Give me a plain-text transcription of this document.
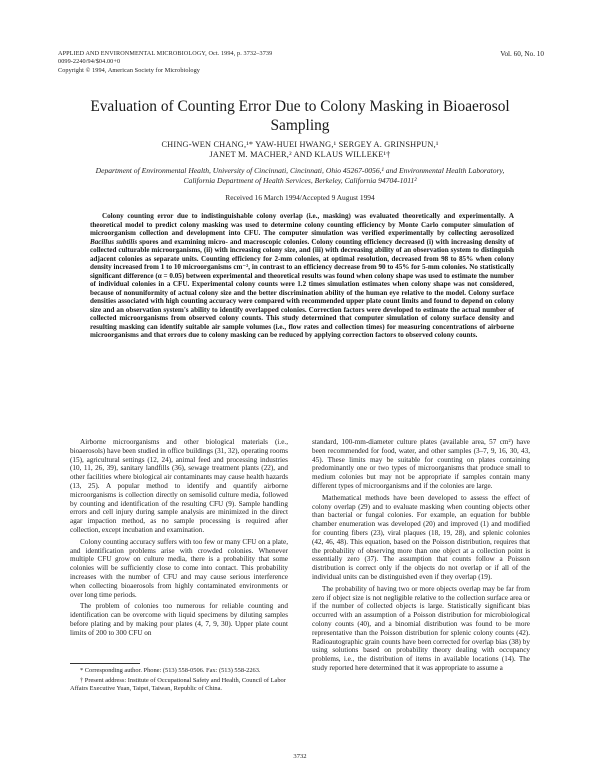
APPLIED AND ENVIRONMENTAL MICROBIOLOGY, Oct. 1994, p. 3732–3739
0099-2240/94/$04.00+0
Copyright © 1994, American Society for Microbiology
Vol. 60, No. 10
Evaluation of Counting Error Due to Colony Masking in Bioaerosol Sampling
CHING-WEN CHANG,¹* YAW-HUEI HWANG,¹ SERGEY A. GRINSHPUN,¹
JANET M. MACHER,² AND KLAUS WILLEKE¹†
Department of Environmental Health, University of Cincinnati, Cincinnati, Ohio 45267-0056,¹ and Environmental Health Laboratory, California Department of Health Services, Berkeley, California 94704-1011²
Received 16 March 1994/Accepted 9 August 1994
Colony counting error due to indistinguishable colony overlap (i.e., masking) was evaluated theoretically and experimentally. A theoretical model to predict colony masking was used to determine colony counting efficiency by Monte Carlo computer simulation of microorganism collection and development into CFU. The computer simulation was verified experimentally by collecting aerosolized Bacillus subtilis spores and examining micro- and macroscopic colonies. Colony counting efficiency decreased (i) with increasing density of collected culturable microorganisms, (ii) with increasing colony size, and (iii) with decreasing ability of an observation system to distinguish adjacent colonies as separate units. Counting efficiency for 2-mm colonies, at optimal resolution, decreased from 98 to 85% when colony density increased from 1 to 10 microorganisms cm⁻², in contrast to an efficiency decrease from 90 to 45% for 5-mm colonies. No statistically significant difference (α = 0.05) between experimental and theoretical results was found when colony shape was used to estimate the number of individual colonies in a CFU. Experimental colony counts were 1.2 times simulation estimates when colony shape was not considered, because of nonuniformity of actual colony size and the better discrimination ability of the human eye relative to the model. Colony surface densities associated with high counting accuracy were compared with recommended upper plate count limits and found to depend on colony size and an observation system's ability to identify overlapped colonies. Correction factors were developed to estimate the actual number of collected microorganisms from observed colony counts. This study determined that computer simulation of colony surface density and resulting masking can identify suitable air sample volumes (i.e., flow rates and collection times) for measuring concentrations of airborne microorganisms and that errors due to colony masking can be reduced by applying correction factors to observed colony counts.

Airborne microorganisms and other biological materials (i.e., bioaerosols) have been studied in office buildings (31, 32), operating rooms (15), agricultural settings (12, 24), animal feed and processing industries (10, 11, 26, 39), sanitary landfills (36), sewage treatment plants (22), and other facilities where biological air contaminants may cause health hazards (13, 25). A popular method to identify and quantify airborne microorganisms is collection directly on semisolid culture media, followed by counting and identification of the resulting CFU (9). Sample handling errors and cell injury during sample analysis are minimized in the direct agar impaction method, as no sample processing is required after collection, except incubation and examination.

Colony counting accuracy suffers with too few or many CFU on a plate, and identification problems arise with crowded colonies. Whenever multiple CFU grow on culture media, there is a probability that some colonies will be sufficiently close to come into contact. This probability increases with the number of CFU and may cause serious interference when collecting bioaerosols from highly contaminated environments or over long time periods.

The problem of colonies too numerous for reliable counting and identification can be overcome with liquid specimens by diluting samples before plating and by making pour plates (4, 7, 9, 30). Upper plate count limits of 200 to 300 CFU on

standard, 100-mm-diameter culture plates (available area, 57 cm²) have been recommended for food, water, and other samples (3–7, 9, 16, 30, 43, 45). These limits may be suitable for counting on plates containing predominantly one or two types of microorganisms that produce small to medium colonies but may not be appropriate if samples contain many different types of microorganisms and if the colonies are large.

Mathematical methods have been developed to assess the effect of colony overlap (29) and to evaluate masking when counting objects other than bacterial or fungal colonies. For example, an equation for bubble chamber enumeration was developed (20) and improved (1) and modified for counting fibers (23), viral plaques (18, 19, 28), and splenic colonies (42, 46, 48). This equation, based on the Poisson distribution, requires that the probability of observing more than one object at a collection point is essentially zero (37). The assumption that counts follow a Poisson distribution is correct only if the objects do not overlap or if all of the individual units can be distinguished even if they overlap (19).

The probability of having two or more objects overlap may be far from zero if object size is not negligible relative to the collection surface area or if the number of collected objects is large. Statistically significant bias occurred with an assumption of a Poisson distribution for microbiological colony counts (40), and a binomial distribution was found to be more representative than the Poisson distribution for splenic colony counts (42). Radioautographic grain counts have been corrected for overlap bias (38) by using solutions based on probability theory dealing with occupancy problems, i.e., the distribution of items in available locations (14). The study reported here determined that it was appropriate to assume a

* Corresponding author. Phone: (513) 558-0506. Fax: (513) 558-2263.

† Present address: Institute of Occupational Safety and Health, Council of Labor Affairs Executive Yuan, Taipei, Taiwan, Republic of China.

3732
